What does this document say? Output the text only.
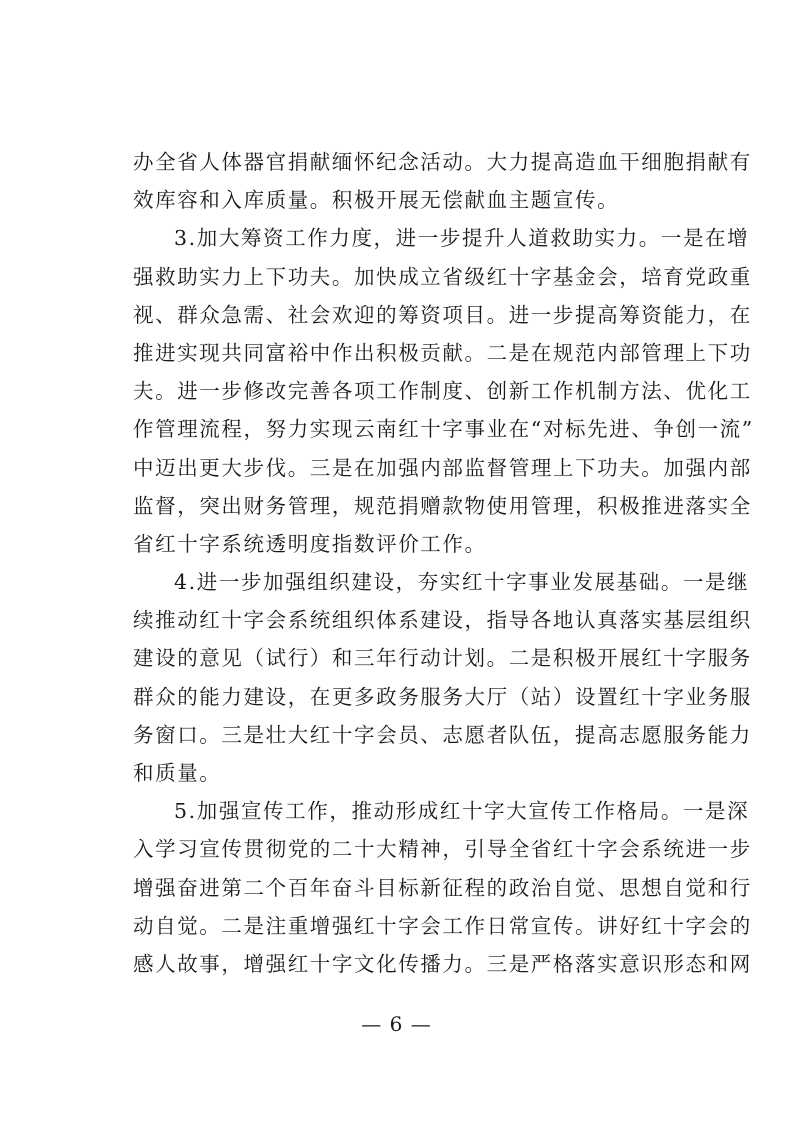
办全省人体器官捐献缅怀纪念活动。大力提高造血干细胞捐献有
效库容和入库质量。积极开展无偿献血主题宣传。
3.加大筹资工作力度，进一步提升人道救助实力。一是在增
强救助实力上下功夫。加快成立省级红十字基金会，培育党政重
视、群众急需、社会欢迎的筹资项目。进一步提高筹资能力，在
推进实现共同富裕中作出积极贡献。二是在规范内部管理上下功
夫。进一步修改完善各项工作制度、创新工作机制方法、优化工
作管理流程，努力实现云南红十字事业在“对标先进、争创一流”
中迈出更大步伐。三是在加强内部监督管理上下功夫。加强内部
监督，突出财务管理，规范捐赠款物使用管理，积极推进落实全
省红十字系统透明度指数评价工作。
4.进一步加强组织建设，夯实红十字事业发展基础。一是继
续推动红十字会系统组织体系建设，指导各地认真落实基层组织
建设的意见（试行）和三年行动计划。二是积极开展红十字服务
群众的能力建设，在更多政务服务大厅（站）设置红十字业务服
务窗口。三是壮大红十字会员、志愿者队伍，提高志愿服务能力
和质量。
5.加强宣传工作，推动形成红十字大宣传工作格局。一是深
入学习宣传贯彻党的二十大精神，引导全省红十字会系统进一步
增强奋进第二个百年奋斗目标新征程的政治自觉、思想自觉和行
动自觉。二是注重增强红十字会工作日常宣传。讲好红十字会的
感人故事，增强红十字文化传播力。三是严格落实意识形态和网
— 6 —
